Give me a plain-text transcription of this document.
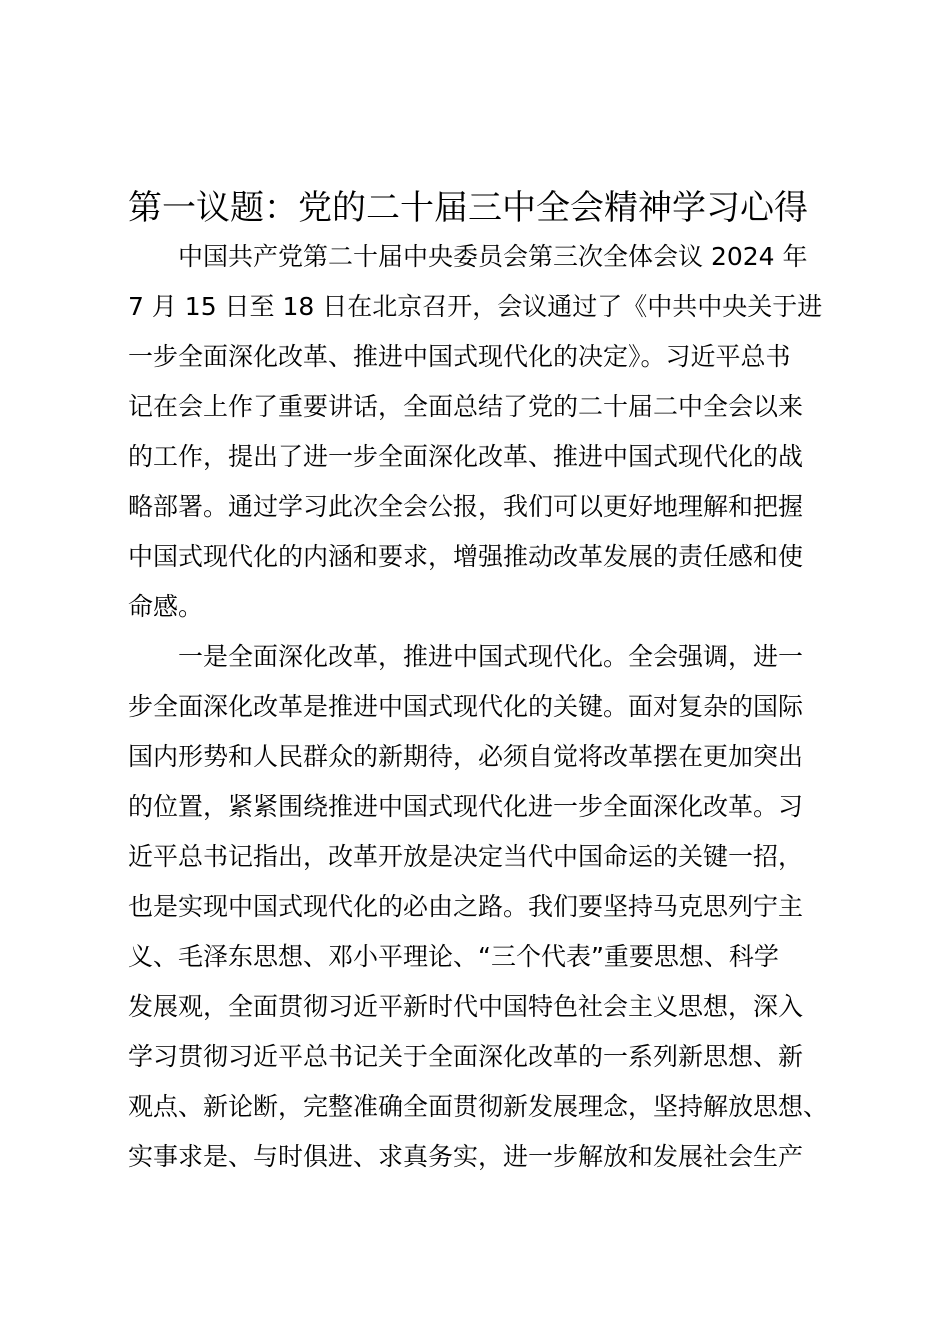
第一议题：党的二十届三中全会精神学习心得
中国共产党第二十届中央委员会第三次全体会议 2024 年
7 月 15 日至 18 日在北京召开，会议通过了《中共中央关于进
一步全面深化改革、推进中国式现代化的决定》。习近平总书
记在会上作了重要讲话，全面总结了党的二十届二中全会以来
的工作，提出了进一步全面深化改革、推进中国式现代化的战
略部署。通过学习此次全会公报，我们可以更好地理解和把握
中国式现代化的内涵和要求，增强推动改革发展的责任感和使
命感。
一是全面深化改革，推进中国式现代化。全会强调，进一
步全面深化改革是推进中国式现代化的关键。面对复杂的国际
国内形势和人民群众的新期待，必须自觉将改革摆在更加突出
的位置，紧紧围绕推进中国式现代化进一步全面深化改革。习
近平总书记指出，改革开放是决定当代中国命运的关键一招，
也是实现中国式现代化的必由之路。我们要坚持马克思列宁主
义、毛泽东思想、邓小平理论、“三个代表”重要思想、科学
发展观，全面贯彻习近平新时代中国特色社会主义思想，深入
学习贯彻习近平总书记关于全面深化改革的一系列新思想、新
观点、新论断，完整准确全面贯彻新发展理念，坚持解放思想、
实事求是、与时俱进、求真务实，进一步解放和发展社会生产
